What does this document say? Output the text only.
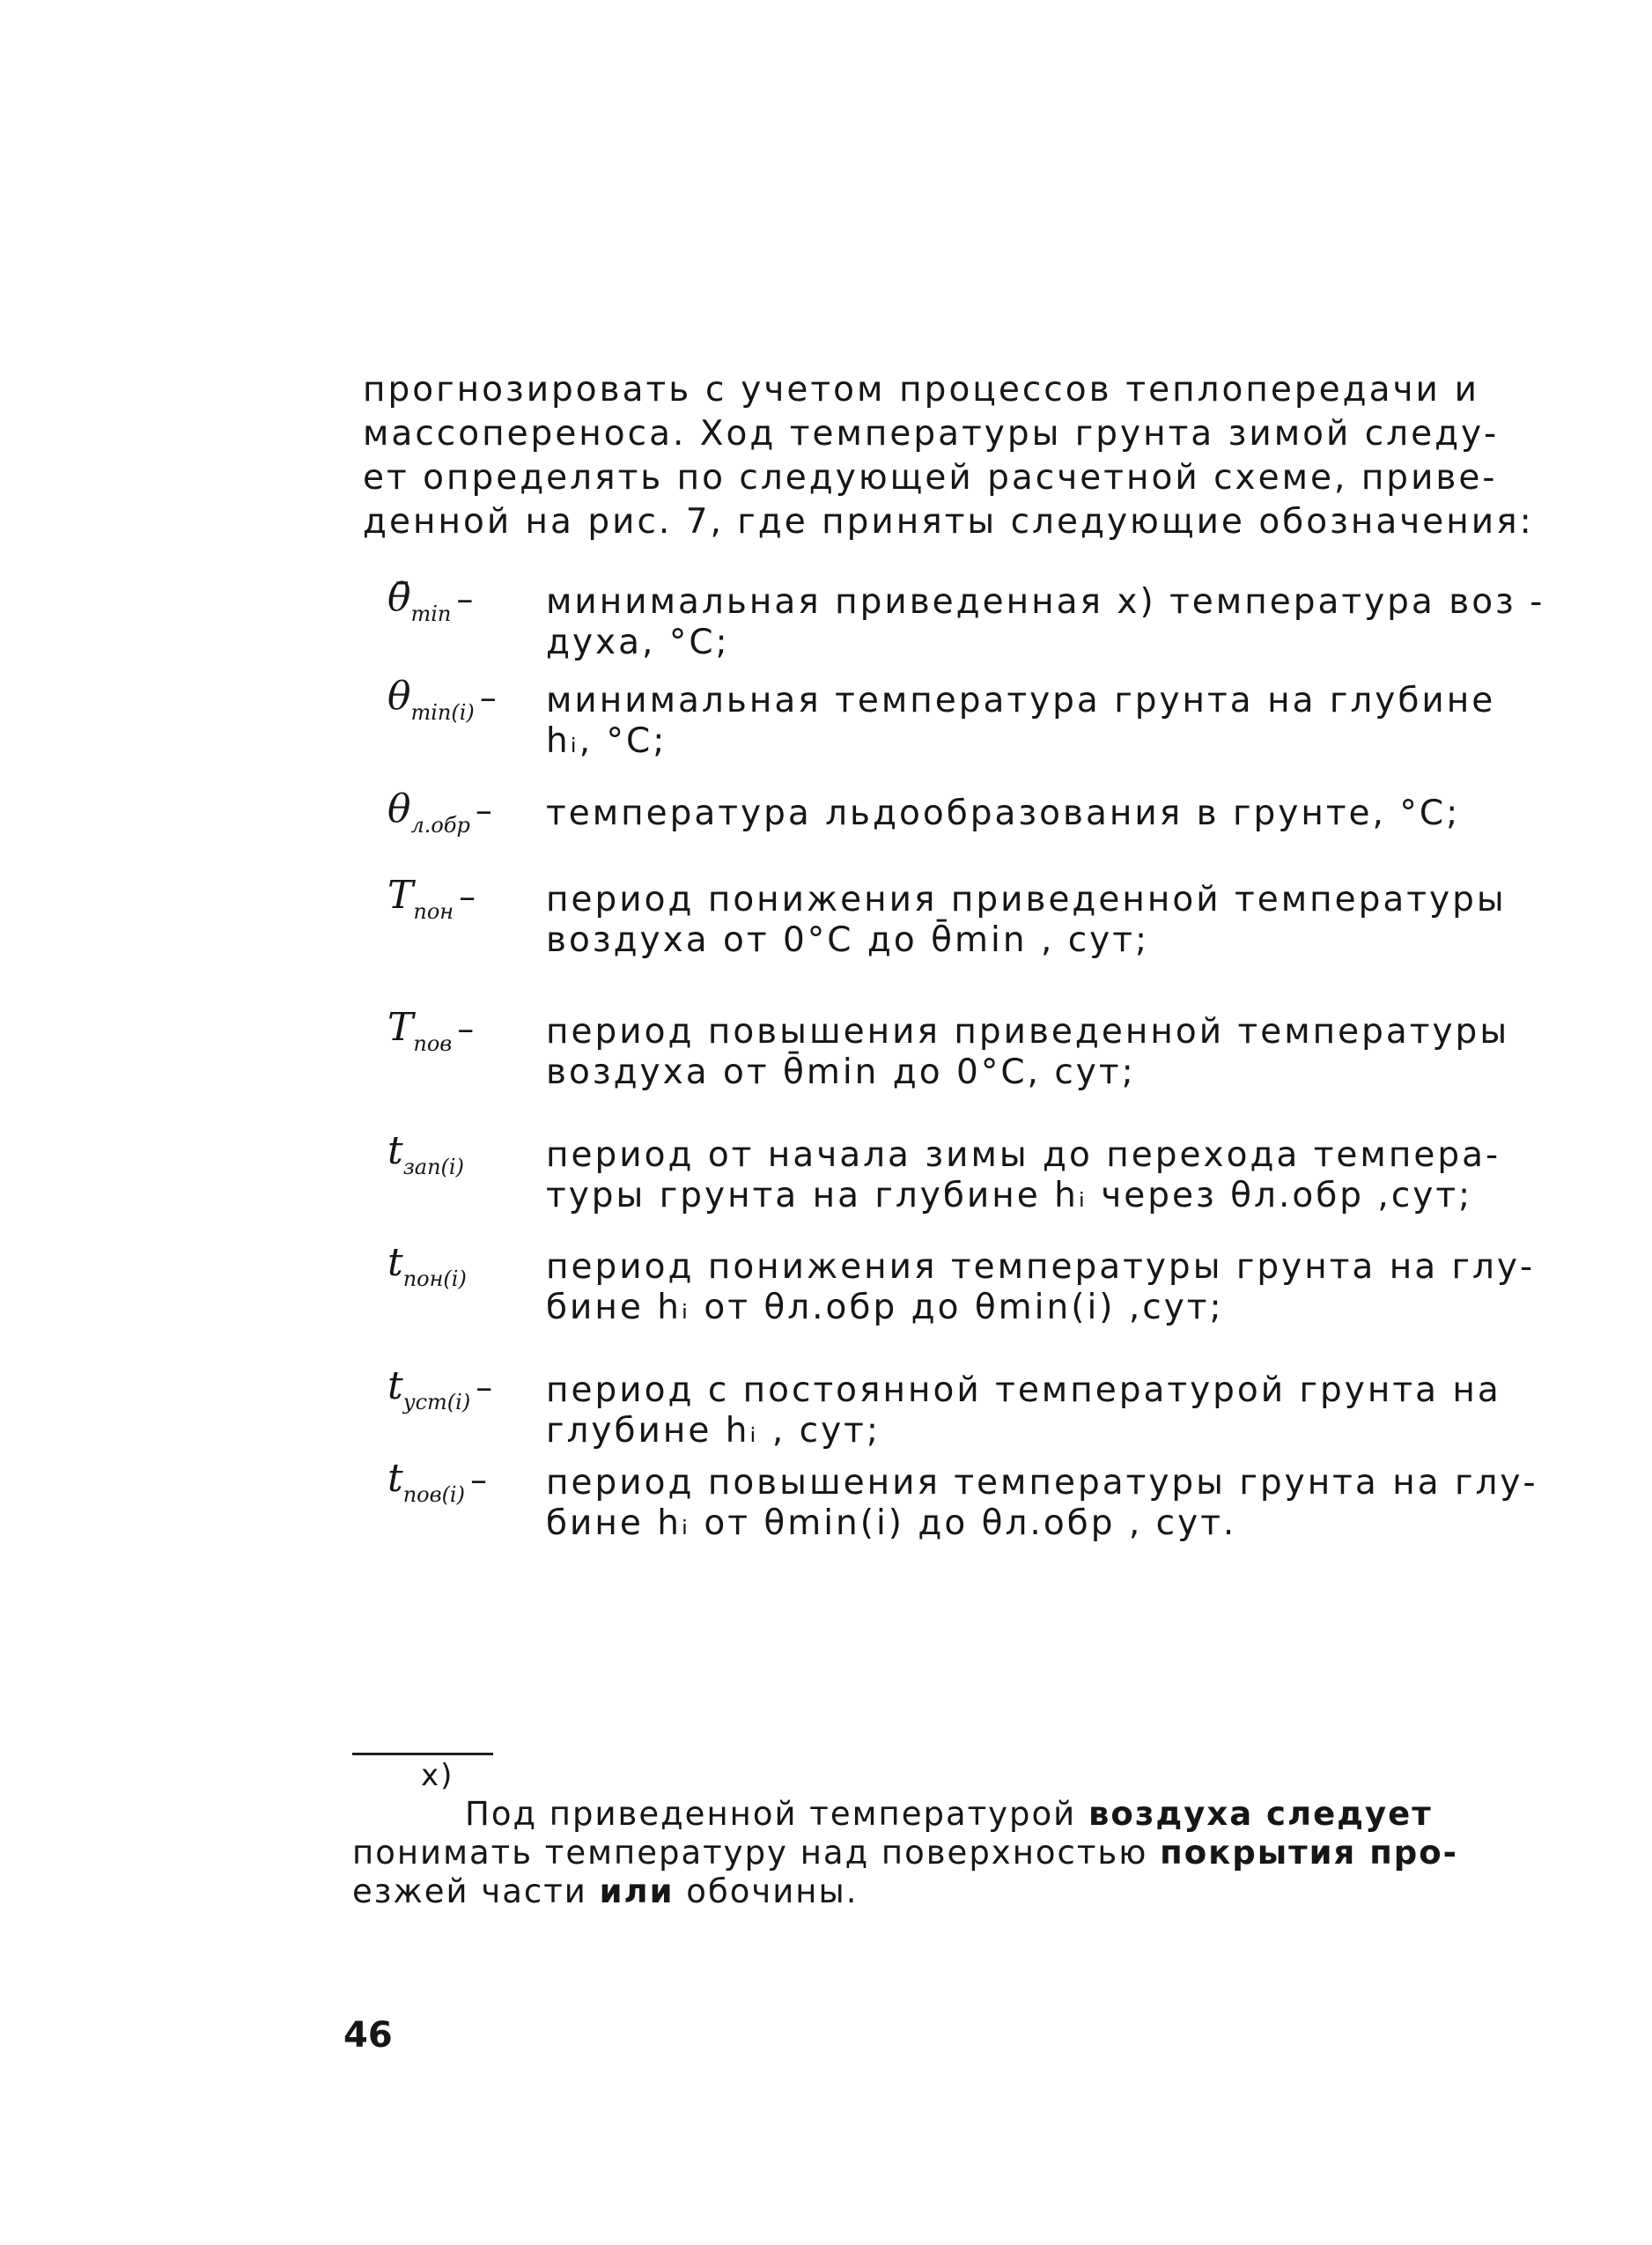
прогнозировать с учетом процессов теплопередачи и
массопереноса. Ход температуры грунта зимой следу-
ет определять по следующей расчетной схеме, приве-
денной на рис. 7, где приняты следующие обозначения:
$\thetā_{min}$ –	минимальная приведенная x) температура воз -
духа, °С;
$\theta_{min(i)}$ –	минимальная температура грунта на глубине
hᵢ, °С;
$\theta_{л.обр}$ –	температура льдообразования в грунте, °С;
$T_{пон}$ –	период понижения приведенной температуры
воздуха от 0°С до θ̄min , сут;
$T_{пов}$ –	период повышения приведенной температуры
воздуха от θ̄min до 0°С, сут;
$t_{зап(i)}$	период от начала зимы до перехода темпера-
туры грунта на глубине hᵢ через θл.обр ,сут;
$t_{пон(i)}$	период понижения температуры грунта на глу-
бине hᵢ от θл.обр до θmin(i) ,сут;
$t_{уст(i)}$ –	период с постоянной температурой грунта на
глубине hᵢ , сут;
$t_{пов(i)}$ –	период повышения температуры грунта на глу-
бине hᵢ от θmin(i) до θл.обр , сут.
x)
Под приведенной температурой воздуха следует
понимать температуру над поверхностью покрытия про-
езжей части или обочины.
46
